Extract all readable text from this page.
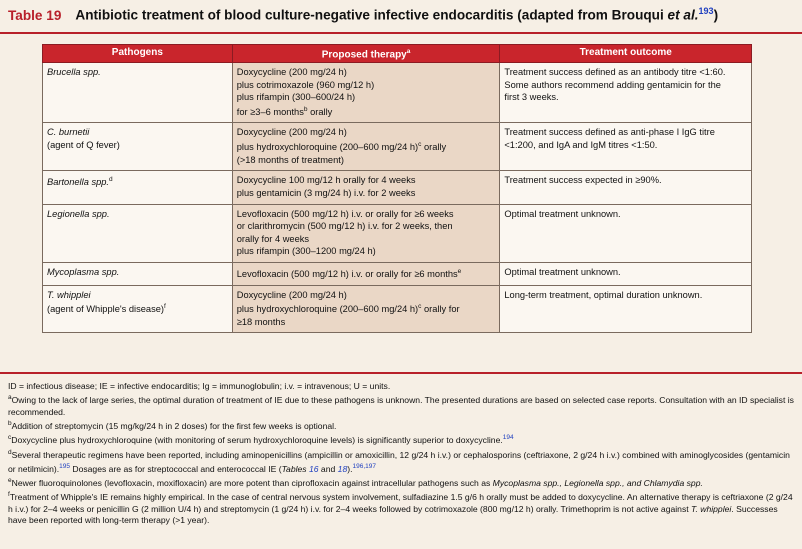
Table 19 Antibiotic treatment of blood culture-negative infective endocarditis (adapted from Brouqui et al.$^{193}$)
Pathogens	Proposed therapy$^a$	Treatment outcome
Brucella spp.	Doxycycline (200 mg/24 h)
plus cotrimoxazole (960 mg/12 h)
plus rifampin (300–600/24 h)
for ≥3–6 months$^b$ orally	Treatment success defined as an antibody titre <1:60.
Some authors recommend adding gentamicin for the
first 3 weeks.
C. burnetii
(agent of Q fever)	Doxycycline (200 mg/24 h)
plus hydroxychloroquine (200–600 mg/24 h)$^c$ orally
(>18 months of treatment)	Treatment success defined as anti-phase I IgG titre
<1:200, and IgA and IgM titres <1:50.
Bartonella spp.$^d$	Doxycycline 100 mg/12 h orally for 4 weeks
plus gentamicin (3 mg/24 h) i.v. for 2 weeks	Treatment success expected in ≥90%.
Legionella spp.	Levofloxacin (500 mg/12 h) i.v. or orally for ≥6 weeks
or clarithromycin (500 mg/12 h) i.v. for 2 weeks, then
orally for 4 weeks
plus rifampin (300–1200 mg/24 h)	Optimal treatment unknown.
Mycoplasma spp.	Levofloxacin (500 mg/12 h) i.v. or orally for ≥6 months$^e$	Optimal treatment unknown.
T. whipplei
(agent of Whipple's disease)$^f$	Doxycycline (200 mg/24 h)
plus hydroxychloroquine (200–600 mg/24 h)$^c$ orally for
≥18 months	Long-term treatment, optimal duration unknown.

ID = infectious disease; IE = infective endocarditis; Ig = immunoglobulin; i.v. = intravenous; U = units.

$^a$Owing to the lack of large series, the optimal duration of treatment of IE due to these pathogens is unknown. The presented durations are based on selected case reports. Consultation with an ID specialist is recommended.

$^b$Addition of streptomycin (15 mg/kg/24 h in 2 doses) for the first few weeks is optional.

$^c$Doxycycline plus hydroxychloroquine (with monitoring of serum hydroxychloroquine levels) is significantly superior to doxycycline.$^{194}$

$^d$Several therapeutic regimens have been reported, including aminopenicillins (ampicillin or amoxicillin, 12 g/24 h i.v.) or cephalosporins (ceftriaxone, 2 g/24 h i.v.) combined with aminoglycosides (gentamicin or netilmicin).$^{195}$ Dosages are as for streptococcal and enterococcal IE (Tables 16 and 18).$^{196,197}$

$^e$Newer fluoroquinolones (levofloxacin, moxifloxacin) are more potent than ciprofloxacin against intracellular pathogens such as Mycoplasma spp., Legionella spp., and Chlamydia spp.

$^f$Treatment of Whipple's IE remains highly empirical. In the case of central nervous system involvement, sulfadiazine 1.5 g/6 h orally must be added to doxycycline. An alternative therapy is ceftriaxone (2 g/24 h i.v.) for 2–4 weeks or penicillin G (2 million U/4 h) and streptomycin (1 g/24 h) i.v. for 2–4 weeks followed by cotrimoxazole (800 mg/12 h) orally. Trimethoprim is not active against T. whipplei. Successes have been reported with long-term therapy (>1 year).
